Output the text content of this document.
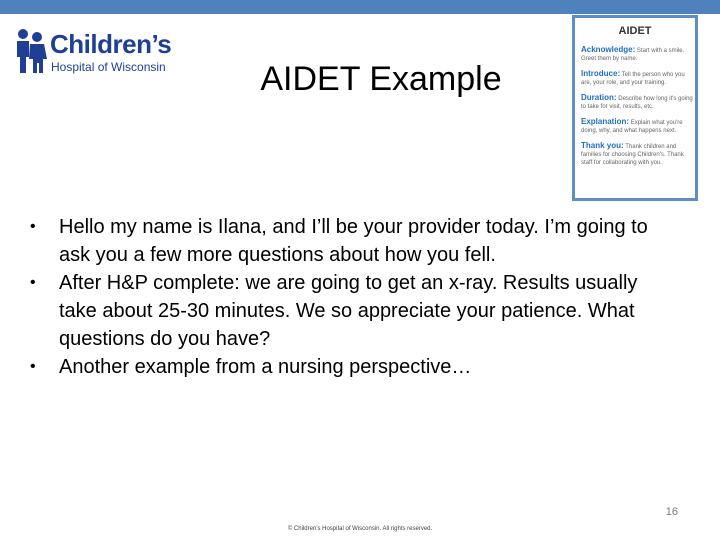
Children’s
Hospital of Wisconsin	AIDET Example
AIDET
Acknowledge: Start with a smile. Greet them by name.
Introduce: Tell the person who you are, your role, and your training.
Duration: Describe how long it's going to take for visit, results, etc.
Explanation: Explain what you're doing, why, and what happens next.
Thank you: Thank children and families for choosing Children's. Thank staff for collaborating with you.
• Hello my name is Ilana, and I’ll be your provider today. I’m going to ask you a few more questions about how you fell.
• After H&P complete: we are going to get an x-ray. Results usually take about 25-30 minutes. We so appreciate your patience. What questions do you have?
• Another example from a nursing perspective…
16
© Children’s Hospital of Wisconsin. All rights reserved.
